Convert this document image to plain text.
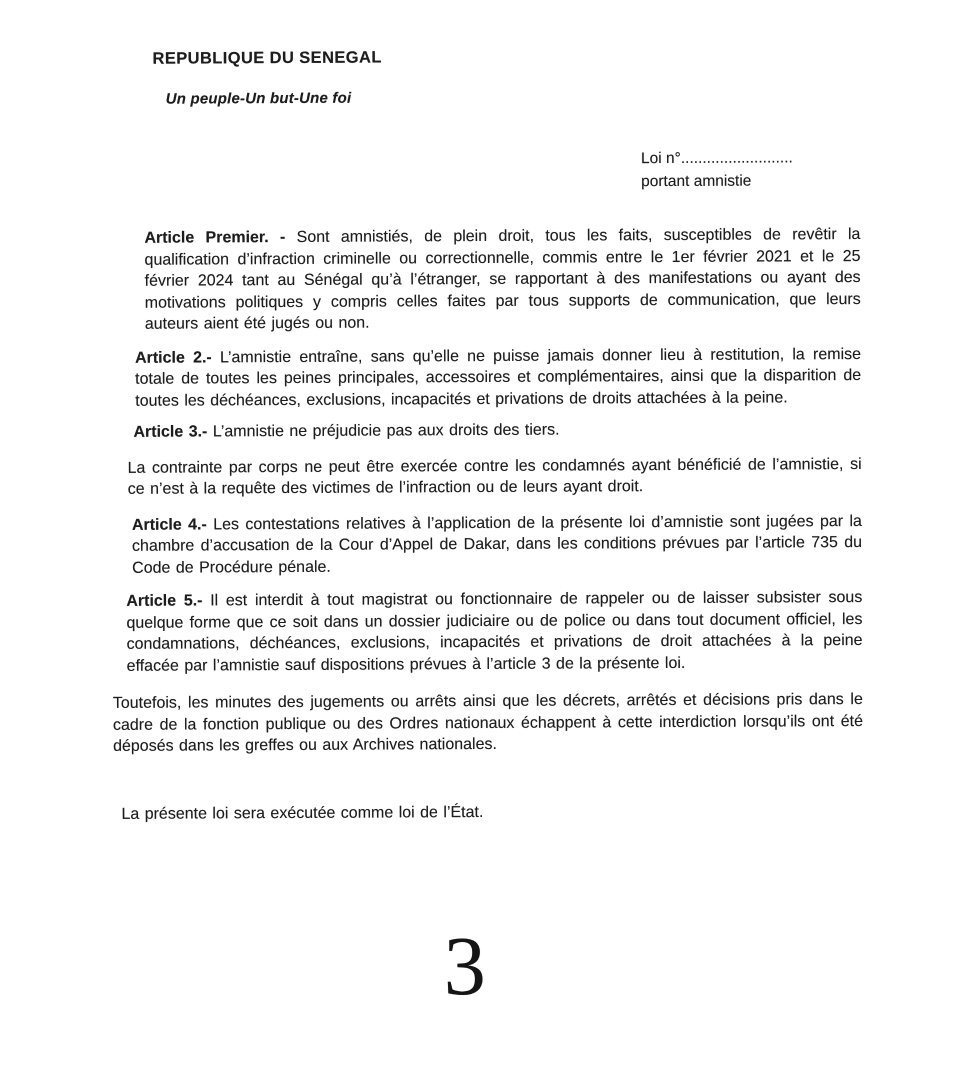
REPUBLIQUE DU SENEGAL
Un peuple-Un but-Une foi
Loi n°..........................
portant amnistie

Article Premier. - Sont amnistiés, de plein droit, tous les faits, susceptibles de revêtir la qualification d’infraction criminelle ou correctionnelle, commis entre le 1er février 2021 et le 25 février 2024 tant au Sénégal qu’à l’étranger, se rapportant à des manifestations ou ayant des motivations politiques y compris celles faites par tous supports de communication, que leurs auteurs aient été jugés ou non.

Article 2.- L’amnistie entraîne, sans qu’elle ne puisse jamais donner lieu à restitution, la remise totale de toutes les peines principales, accessoires et complémentaires, ainsi que la disparition de toutes les déchéances, exclusions, incapacités et privations de droits attachées à la peine.

Article 3.- L’amnistie ne préjudicie pas aux droits des tiers.

La contrainte par corps ne peut être exercée contre les condamnés ayant bénéficié de l’amnistie, si ce n’est à la requête des victimes de l’infraction ou de leurs ayant droit.

Article 4.- Les contestations relatives à l’application de la présente loi d’amnistie sont jugées par la chambre d’accusation de la Cour d’Appel de Dakar, dans les conditions prévues par l’article 735 du Code de Procédure pénale.

Article 5.- Il est interdit à tout magistrat ou fonctionnaire de rappeler ou de laisser subsister sous quelque forme que ce soit dans un dossier judiciaire ou de police ou dans tout document officiel, les condamnations, déchéances, exclusions, incapacités et privations de droit attachées à la peine effacée par l’amnistie sauf dispositions prévues à l’article 3 de la présente loi.

Toutefois, les minutes des jugements ou arrêts ainsi que les décrets, arrêtés et décisions pris dans le cadre de la fonction publique ou des Ordres nationaux échappent à cette interdiction lorsqu’ils ont été déposés dans les greffes ou aux Archives nationales.

La présente loi sera exécutée comme loi de l’État.

3
